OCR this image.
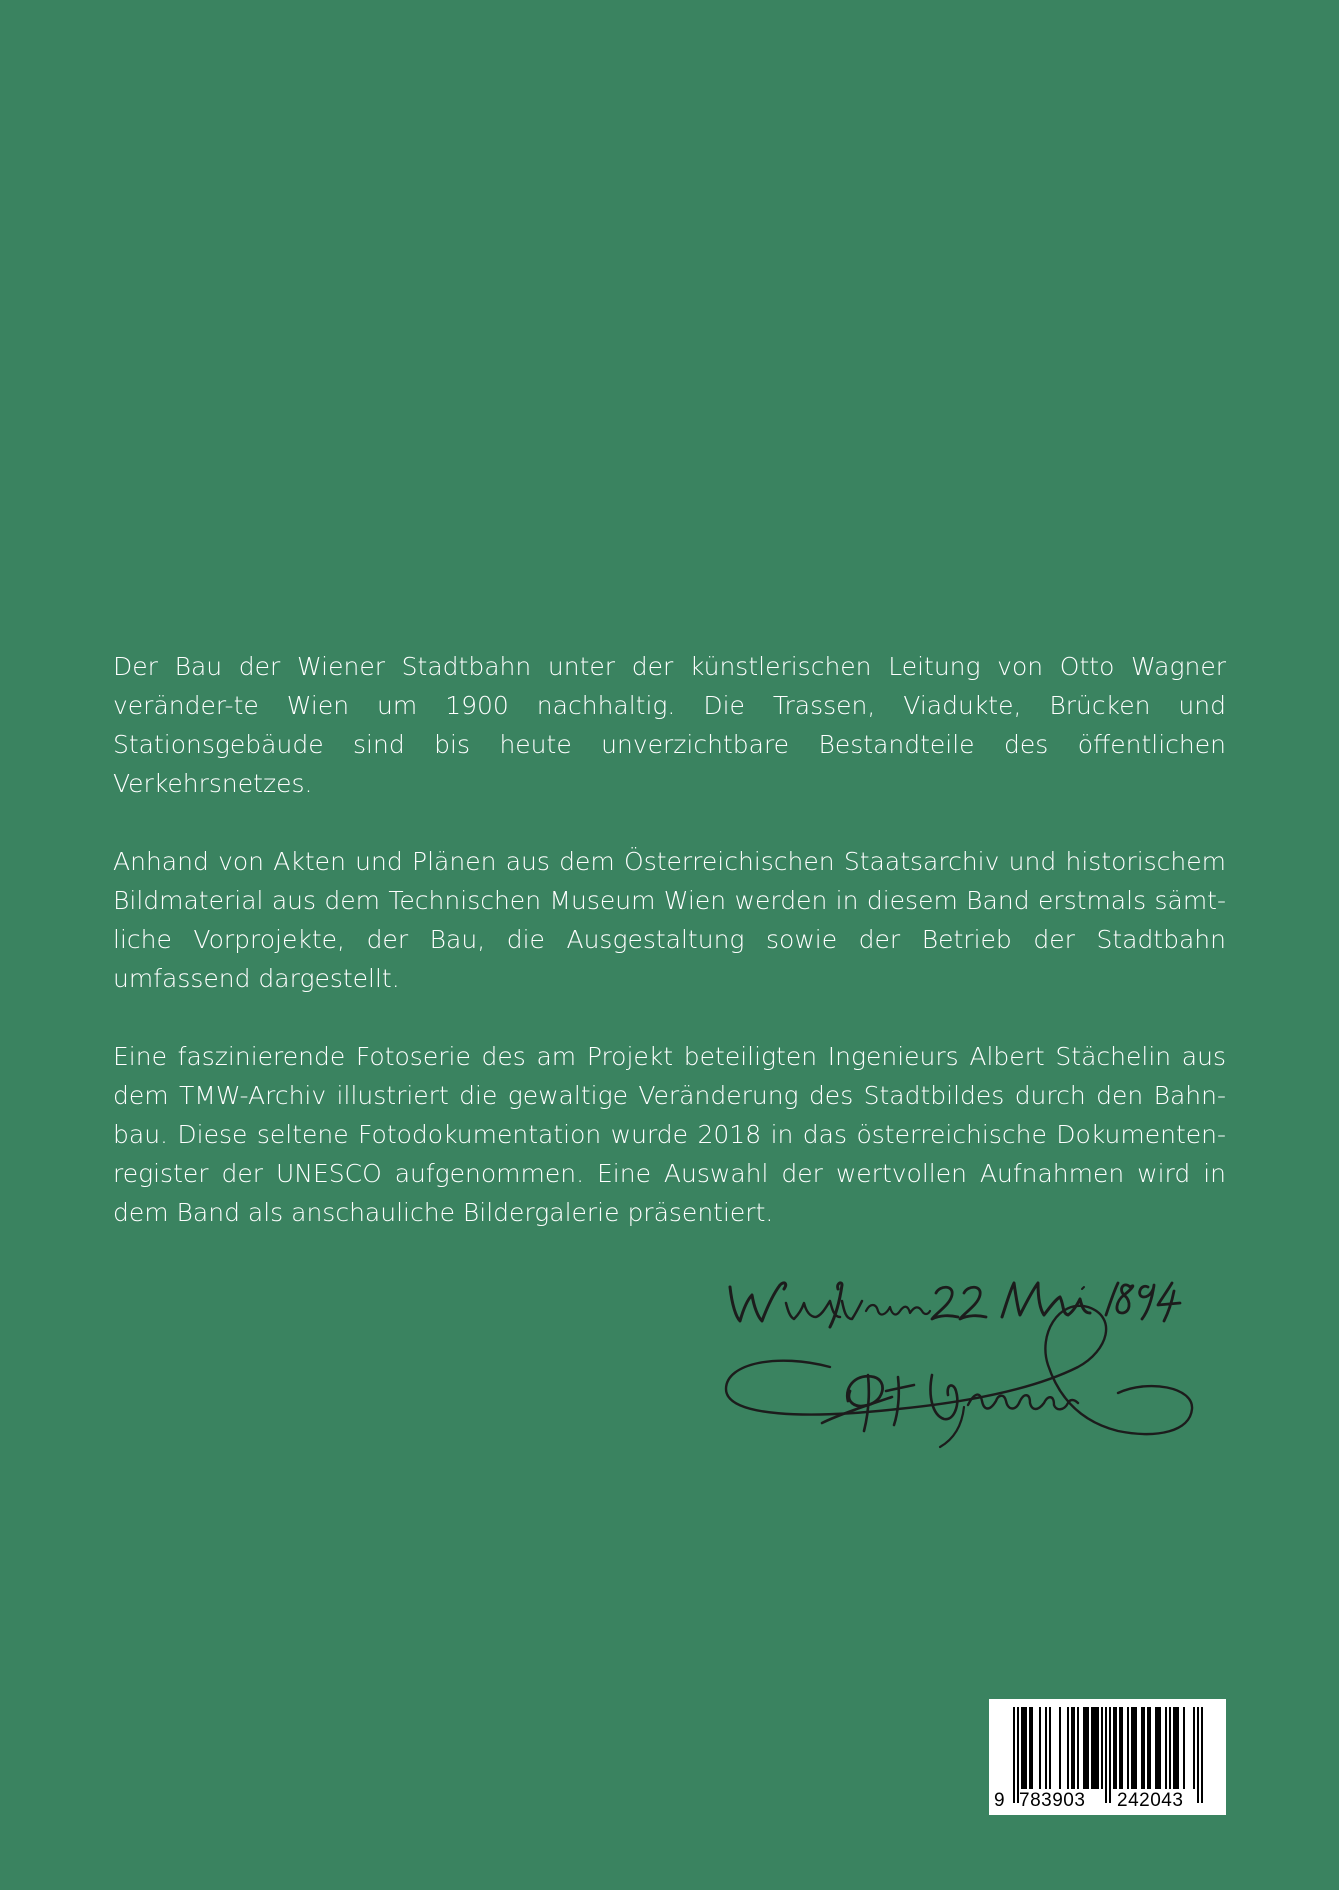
Der Bau der Wiener Stadtbahn unter der künstlerischen Leitung von Otto Wagner veränder-te Wien um 1900 nachhaltig. Die Trassen, Viadukte, Brücken und Stationsgebäude sind bis heute unverzichtbare Bestandteile des öffentlichen Verkehrsnetzes.

Anhand von Akten und Plänen aus dem Österreichischen Staatsarchiv und historischem Bildmaterial aus dem Technischen Museum Wien werden in diesem Band erstmals sämt-liche Vorprojekte, der Bau, die Ausgestaltung sowie der Betrieb der Stadtbahn umfassend dargestellt.

Eine faszinierende Fotoserie des am Projekt beteiligten Ingenieurs Albert Stächelin aus dem TMW-Archiv illustriert die gewaltige Veränderung des Stadtbildes durch den Bahn-bau. Diese seltene Fotodokumentation wurde 2018 in das österreichische Dokumenten-register der UNESCO aufgenommen. Eine Auswahl der wertvollen Aufnahmen wird in dem Band als anschauliche Bildergalerie präsentiert.

9 783903 242043
